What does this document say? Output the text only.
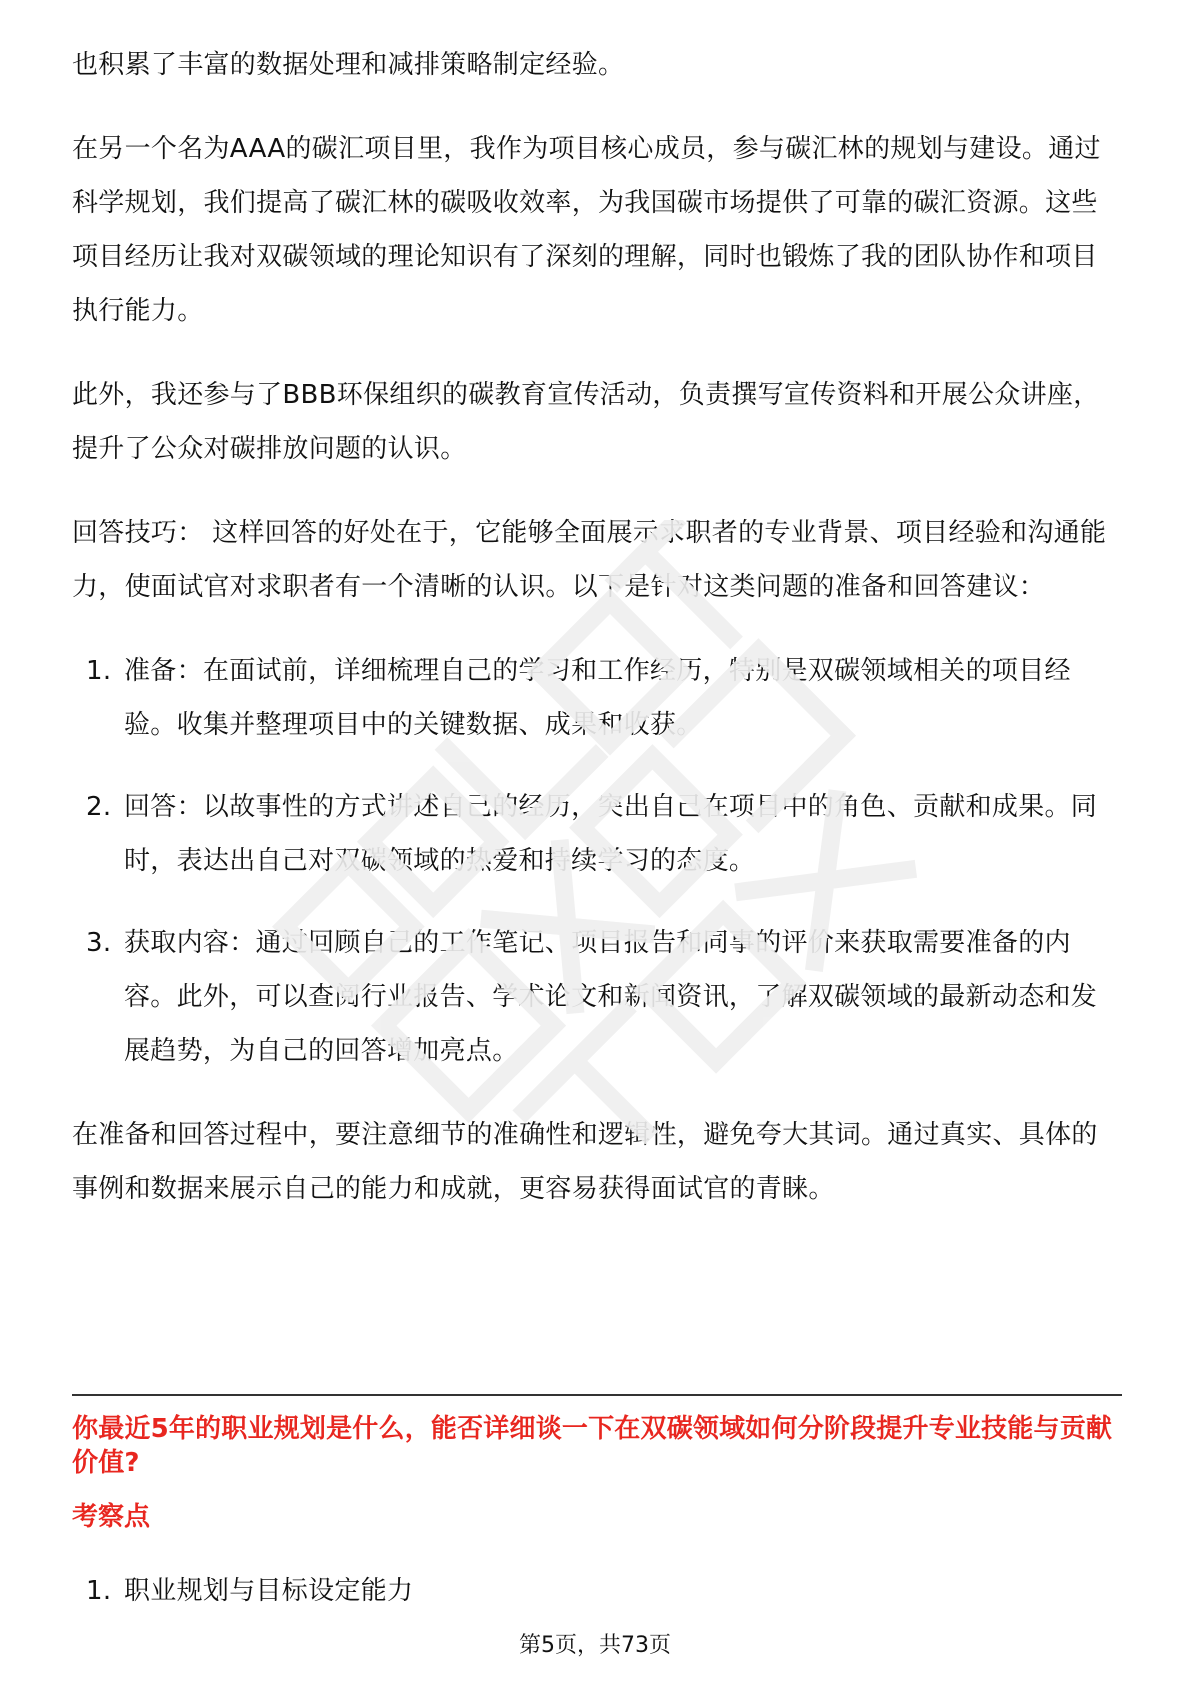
也积累了丰富的数据处理和减排策略制定经验。

在另一个名为AAA的碳汇项目里，我作为项目核心成员，参与碳汇林的规划与建设。通过科学规划，我们提高了碳汇林的碳吸收效率，为我国碳市场提供了可靠的碳汇资源。这些项目经历让我对双碳领域的理论知识有了深刻的理解，同时也锻炼了我的团队协作和项目执行能力。

此外，我还参与了BBB环保组织的碳教育宣传活动，负责撰写宣传资料和开展公众讲座，提升了公众对碳排放问题的认识。

回答技巧： 这样回答的好处在于，它能够全面展示求职者的专业背景、项目经验和沟通能力，使面试官对求职者有一个清晰的认识。以下是针对这类问题的准备和回答建议：

1. 准备：在面试前，详细梳理自己的学习和工作经历，特别是双碳领域相关的项目经验。收集并整理项目中的关键数据、成果和收获。
2. 回答：以故事性的方式讲述自己的经历，突出自己在项目中的角色、贡献和成果。同时，表达出自己对双碳领域的热爱和持续学习的态度。
3. 获取内容：通过回顾自己的工作笔记、项目报告和同事的评价来获取需要准备的内容。此外，可以查阅行业报告、学术论文和新闻资讯，了解双碳领域的最新动态和发展趋势，为自己的回答增加亮点。

在准备和回答过程中，要注意细节的准确性和逻辑性，避免夸大其词。通过真实、具体的事例和数据来展示自己的能力和成就，更容易获得面试官的青睐。

你最近5年的职业规划是什么，能否详细谈一下在双碳领域如何分阶段提升专业技能与贡献价值?
考察点
1. 职业规划与目标设定能力
第5页，共73页
